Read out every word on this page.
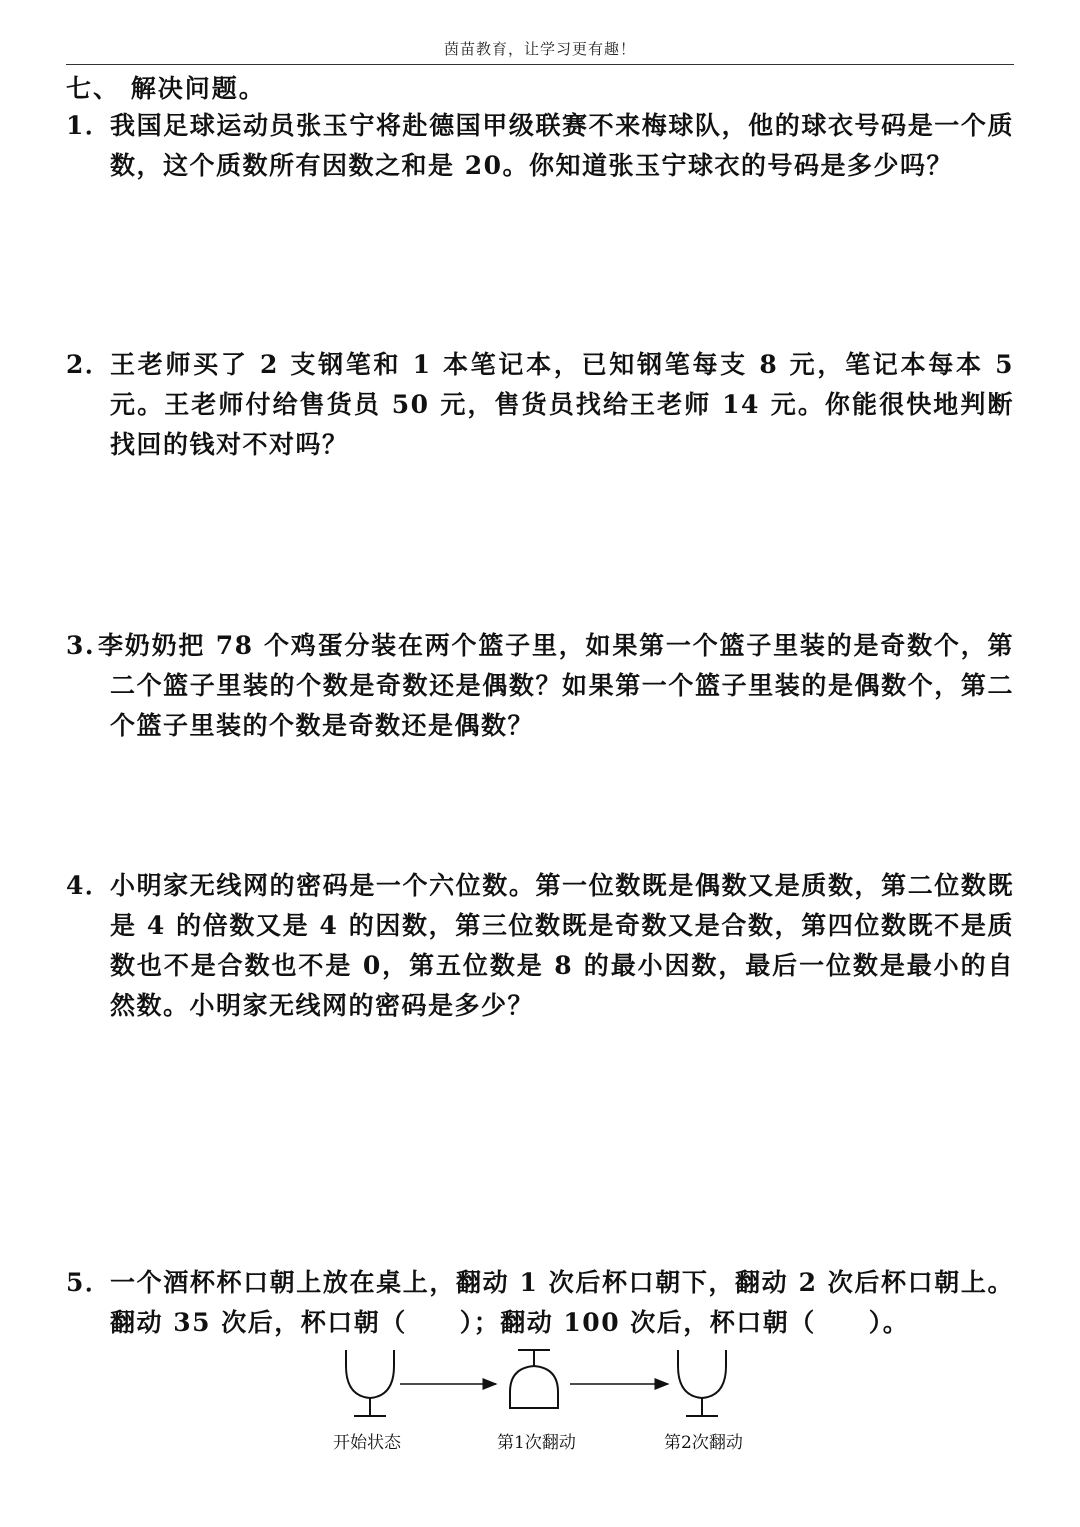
茵苗教育，让学习更有趣！
七、 解决问题。
1．
我国足球运动员张玉宁将赴德国甲级联赛不来梅球队，他的球衣号码是一个质数，这个质数所有因数之和是 20。你知道张玉宁球衣的号码是多少吗？
2．
王老师买了 2 支钢笔和 1 本笔记本，已知钢笔每支 8 元，笔记本每本 5 元。王老师付给售货员 50 元，售货员找给王老师 14 元。你能很快地判断找回的钱对不对吗？
3. 李奶奶把 78 个鸡蛋分装在两个篮子里，如果第一个篮子里装的是奇数个，第二个篮子里装的个数是奇数还是偶数？如果第一个篮子里装的是偶数个，第二个篮子里装的个数是奇数还是偶数？
4．
小明家无线网的密码是一个六位数。第一位数既是偶数又是质数，第二位数既是 4 的倍数又是 4 的因数，第三位数既是奇数又是合数，第四位数既不是质数也不是合数也不是 0，第五位数是 8 的最小因数，最后一位数是最小的自然数。小明家无线网的密码是多少？
5．
一个酒杯杯口朝上放在桌上，翻动 1 次后杯口朝下，翻动 2 次后杯口朝上。翻动 35 次后，杯口朝（　　）；翻动 100 次后，杯口朝（　　）。
开始状态	第1次翻动	第2次翻动
